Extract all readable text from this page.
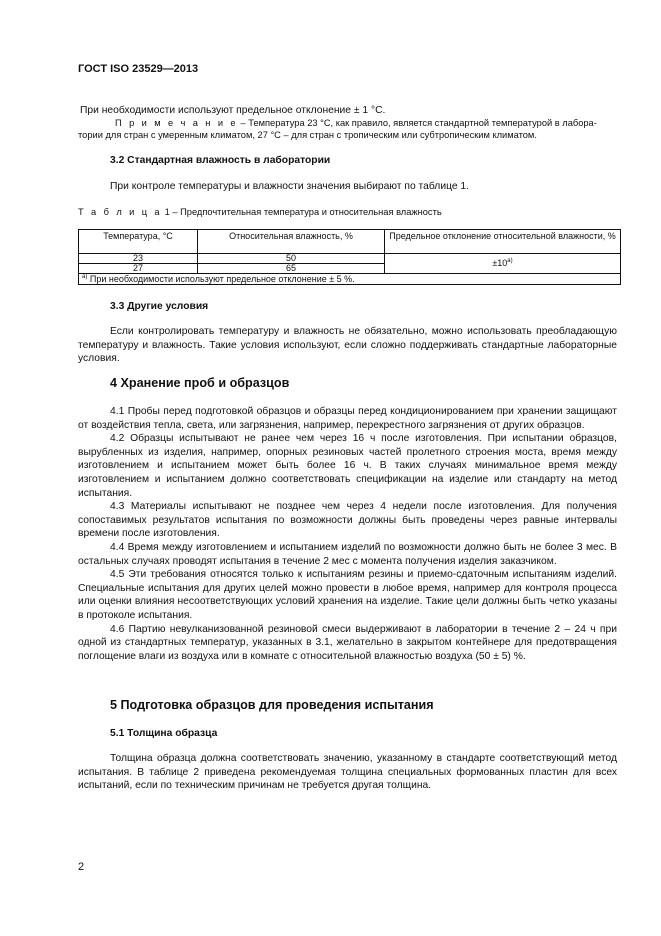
ГОСТ ISO 23529—2013
При необходимости используют предельное отклонение ± 1 °С.
П р и м е ч а н и е – Температура 23 °С, как правило, является стандартной температурой в лабора-
тории для стран с умеренным климатом, 27 °С – для стран с тропическим или субтропическим климатом.
3.2 Стандартная влажность в лаборатории
При контроле температуры и влажности значения выбирают по таблице 1.
Т а б л и ц а 1 – Предпочтительная температура и относительная влажность
Температура, °С	Относительная влажность, %	Предельное отклонение относительной влажности, %
23	50	$\pm 10^{а)}$
27	65	
$^{а)}$ При необходимости используют предельное отклонение ± 5 %.		
3.3 Другие условия
Если контролировать температуру и влажность не обязательно, можно использовать преобладающую температуру и влажность. Такие условия используют, если сложно поддерживать стандартные лабораторные условия.
4 Хранение проб и образцов
4.1 Пробы перед подготовкой образцов и образцы перед кондиционированием при хранении защищают от воздействия тепла, света, или загрязнения, например, перекрестного загрязнения от других образцов.
4.2 Образцы испытывают не ранее чем через 16 ч после изготовления. При испытании образцов, вырубленных из изделия, например, опорных резиновых частей пролетного строения моста, время между изготовлением и испытанием может быть более 16 ч. В таких случаях минимальное время между изготовлением и испытанием должно соответствовать спецификации на изделие или стандарту на метод испытания.
4.3 Материалы испытывают не позднее чем через 4 недели после изготовления. Для получения сопоставимых результатов испытания по возможности должны быть проведены через равные интервалы времени после изготовления.
4.4 Время между изготовлением и испытанием изделий по возможности должно быть не более 3 мес. В остальных случаях проводят испытания в течение 2 мес с момента получения изделия заказчиком.
4.5 Эти требования относятся только к испытаниям резины и приемо-сдаточным испытаниям изделий. Специальные испытания для других целей можно провести в любое время, например для контроля процесса или оценки влияния несоответствующих условий хранения на изделие. Такие цели должны быть четко указаны в протоколе испытания.
4.6 Партию невулканизованной резиновой смеси выдерживают в лаборатории в течение 2 – 24 ч при одной из стандартных температур, указанных в 3.1, желательно в закрытом контейнере для предотвращения поглощение влаги из воздуха или в комнате с относительной влажностью воздуха (50 ± 5) %.
5 Подготовка образцов для проведения испытания
5.1 Толщина образца
Толщина образца должна соответствовать значению, указанному в стандарте соответствующий метод испытания. В таблице 2 приведена рекомендуемая толщина специальных формованных пластин для всех испытаний, если по техническим причинам не требуется другая толщина.
2
